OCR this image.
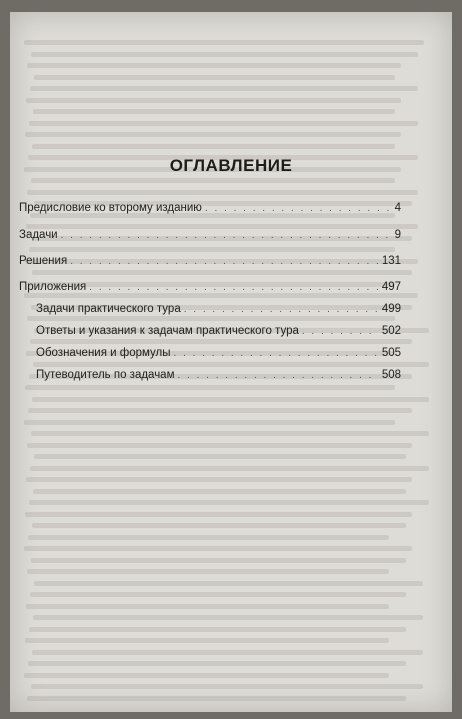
ОГЛАВЛЕНИЕ
Предисловие ко второму изданию . . .	4
Задачи . . .	9
Решения . . .	131
Приложения . . .	497
Задачи практического тура . . .	499
Ответы и указания к задачам практического тура . . .	502
Обозначения и формулы . . .	505
Путеводитель по задачам . . .	508
